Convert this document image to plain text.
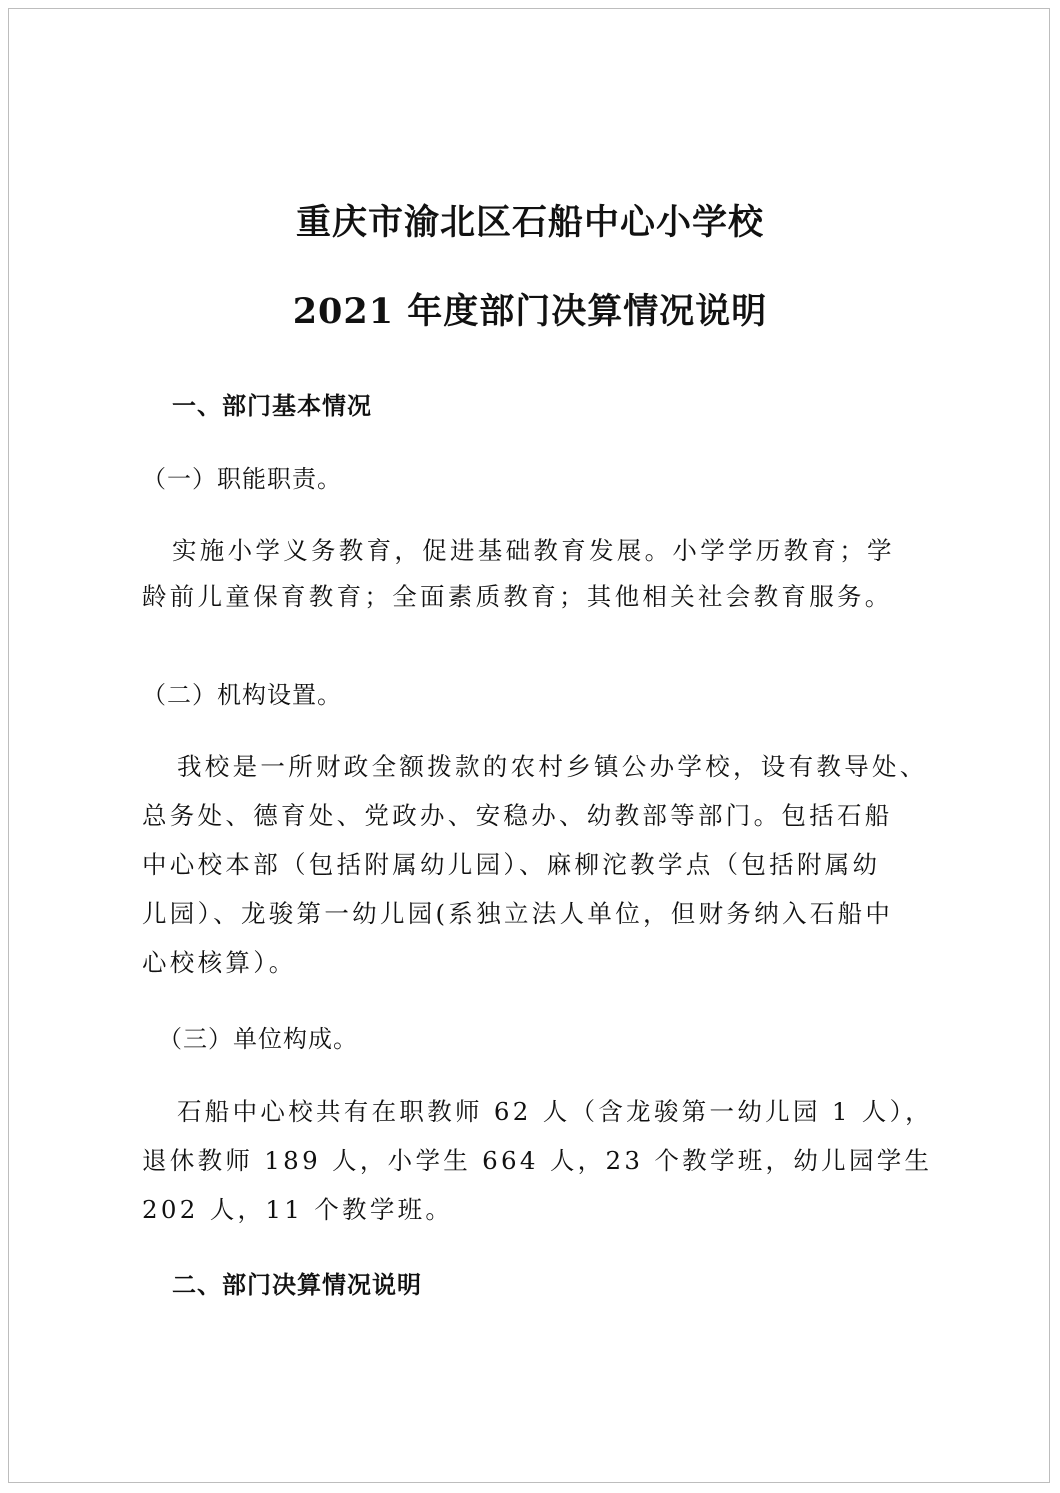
重庆市渝北区石船中心小学校
2021 年度部门决算情况说明
一、部门基本情况
（一）职能职责。
实施小学义务教育，促进基础教育发展。小学学历教育；学
龄前儿童保育教育；全面素质教育；其他相关社会教育服务。
（二）机构设置。
我校是一所财政全额拨款的农村乡镇公办学校，设有教导处、
总务处、德育处、党政办、安稳办、幼教部等部门。包括石船
中心校本部（包括附属幼儿园）、麻柳沱教学点（包括附属幼
儿园）、龙骏第一幼儿园(系独立法人单位，但财务纳入石船中
心校核算）。
（三）单位构成。
石船中心校共有在职教师 62 人（含龙骏第一幼儿园 1 人），
退休教师 189 人，小学生 664 人，23 个教学班，幼儿园学生
202 人，11 个教学班。
二、部门决算情况说明
